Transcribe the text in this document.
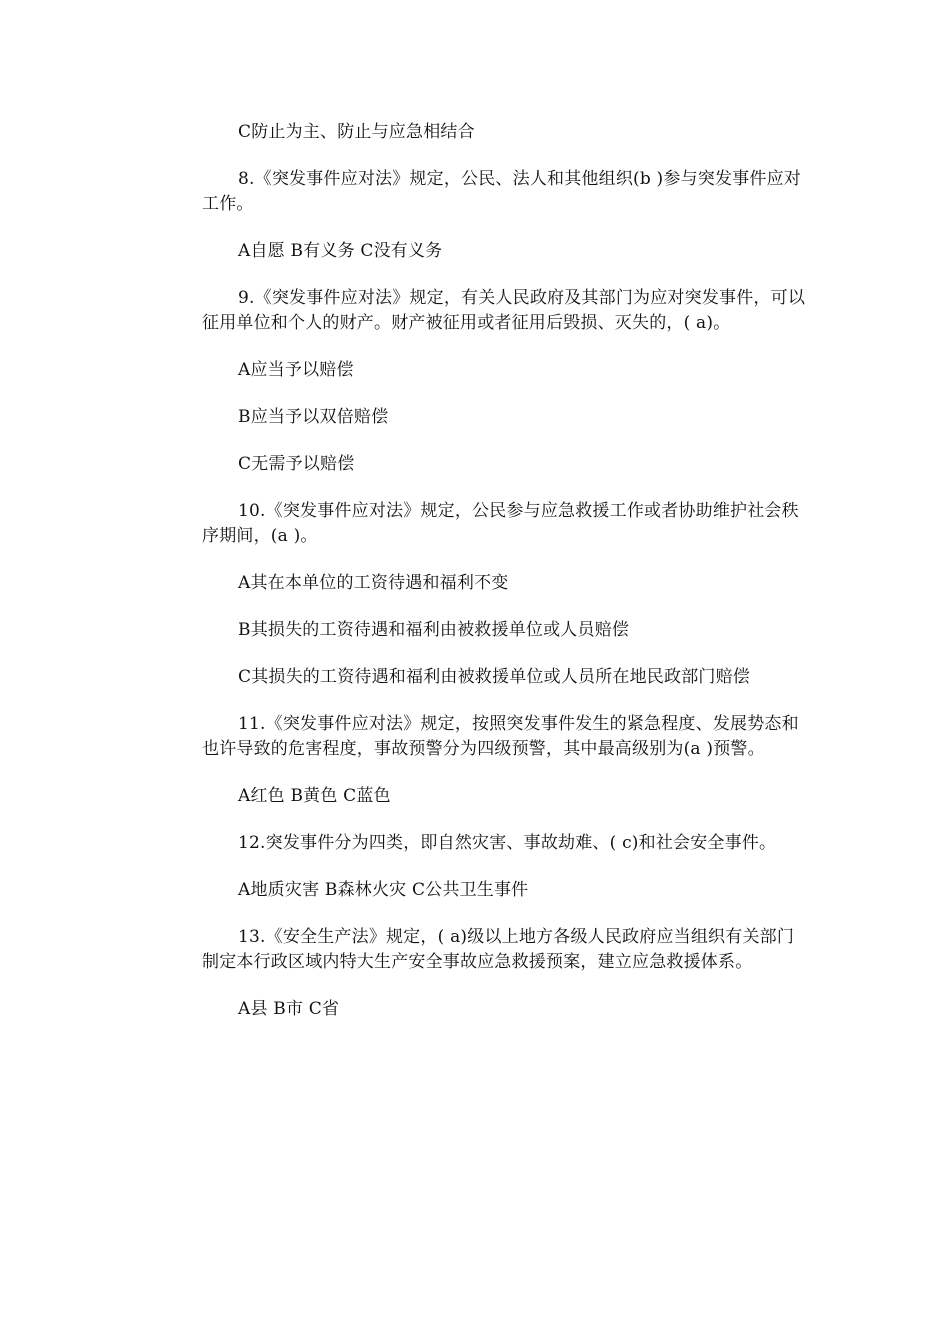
C防止为主、防止与应急相结合

8.《突发事件应对法》规定，公民、法人和其他组织(b )参与突发事件应对工作。

A自愿 B有义务 C没有义务

9.《突发事件应对法》规定，有关人民政府及其部门为应对突发事件，可以征用单位和个人的财产。财产被征用或者征用后毁损、灭失的，( a)。

A应当予以赔偿

B应当予以双倍赔偿

C无需予以赔偿

10.《突发事件应对法》规定，公民参与应急救援工作或者协助维护社会秩序期间，(a )。

A其在本单位的工资待遇和福利不变

B其损失的工资待遇和福利由被救援单位或人员赔偿

C其损失的工资待遇和福利由被救援单位或人员所在地民政部门赔偿

11.《突发事件应对法》规定，按照突发事件发生的紧急程度、发展势态和也许导致的危害程度，事故预警分为四级预警，其中最高级别为(a )预警。

A红色 B黄色 C蓝色

12.突发事件分为四类，即自然灾害、事故劫难、( c)和社会安全事件。

A地质灾害 B森林火灾 C公共卫生事件

13.《安全生产法》规定，( a)级以上地方各级人民政府应当组织有关部门制定本行政区域内特大生产安全事故应急救援预案，建立应急救援体系。

A县 B市 C省
